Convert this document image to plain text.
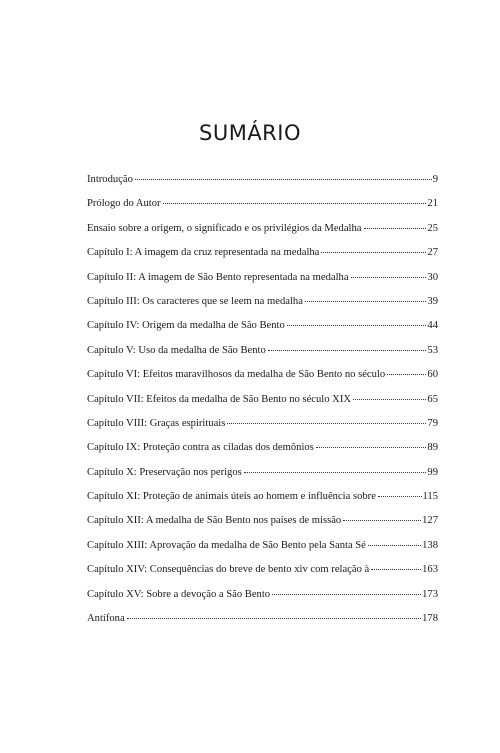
SUMÁRIO
Introdução	9
Prólogo do Autor	21
Ensaio sobre a origem, o significado e os privilégios da Medalha	25
Capítulo I: A imagem da cruz representada na medalha	27
Capítulo II: A imagem de São Bento representada na medalha	30
Capítulo III: Os caracteres que se leem na medalha	39
Capítulo IV: Origem da medalha de São Bento	44
Capítulo V: Uso da medalha de São Bento	53
Capítulo VI: Efeitos maravilhosos da medalha de São Bento no século	60
Capítulo VII: Efeitos da medalha de São Bento no século XIX	65
Capítulo VIII: Graças espirituais	79
Capítulo IX: Proteção contra as ciladas dos demônios	89
Capítulo X: Preservação nos perigos	99
Capítulo XI: Proteção de animais úteis ao homem e influência sobre	115
Capítulo XII: A medalha de São Bento nos países de missão	127
Capítulo XIII: Aprovação da medalha de São Bento pela Santa Sé	138
Capítulo XIV: Consequências do breve de bento xiv com relação à	163
Capítulo XV: Sobre a devoção a São Bento	173
Antífona	178
